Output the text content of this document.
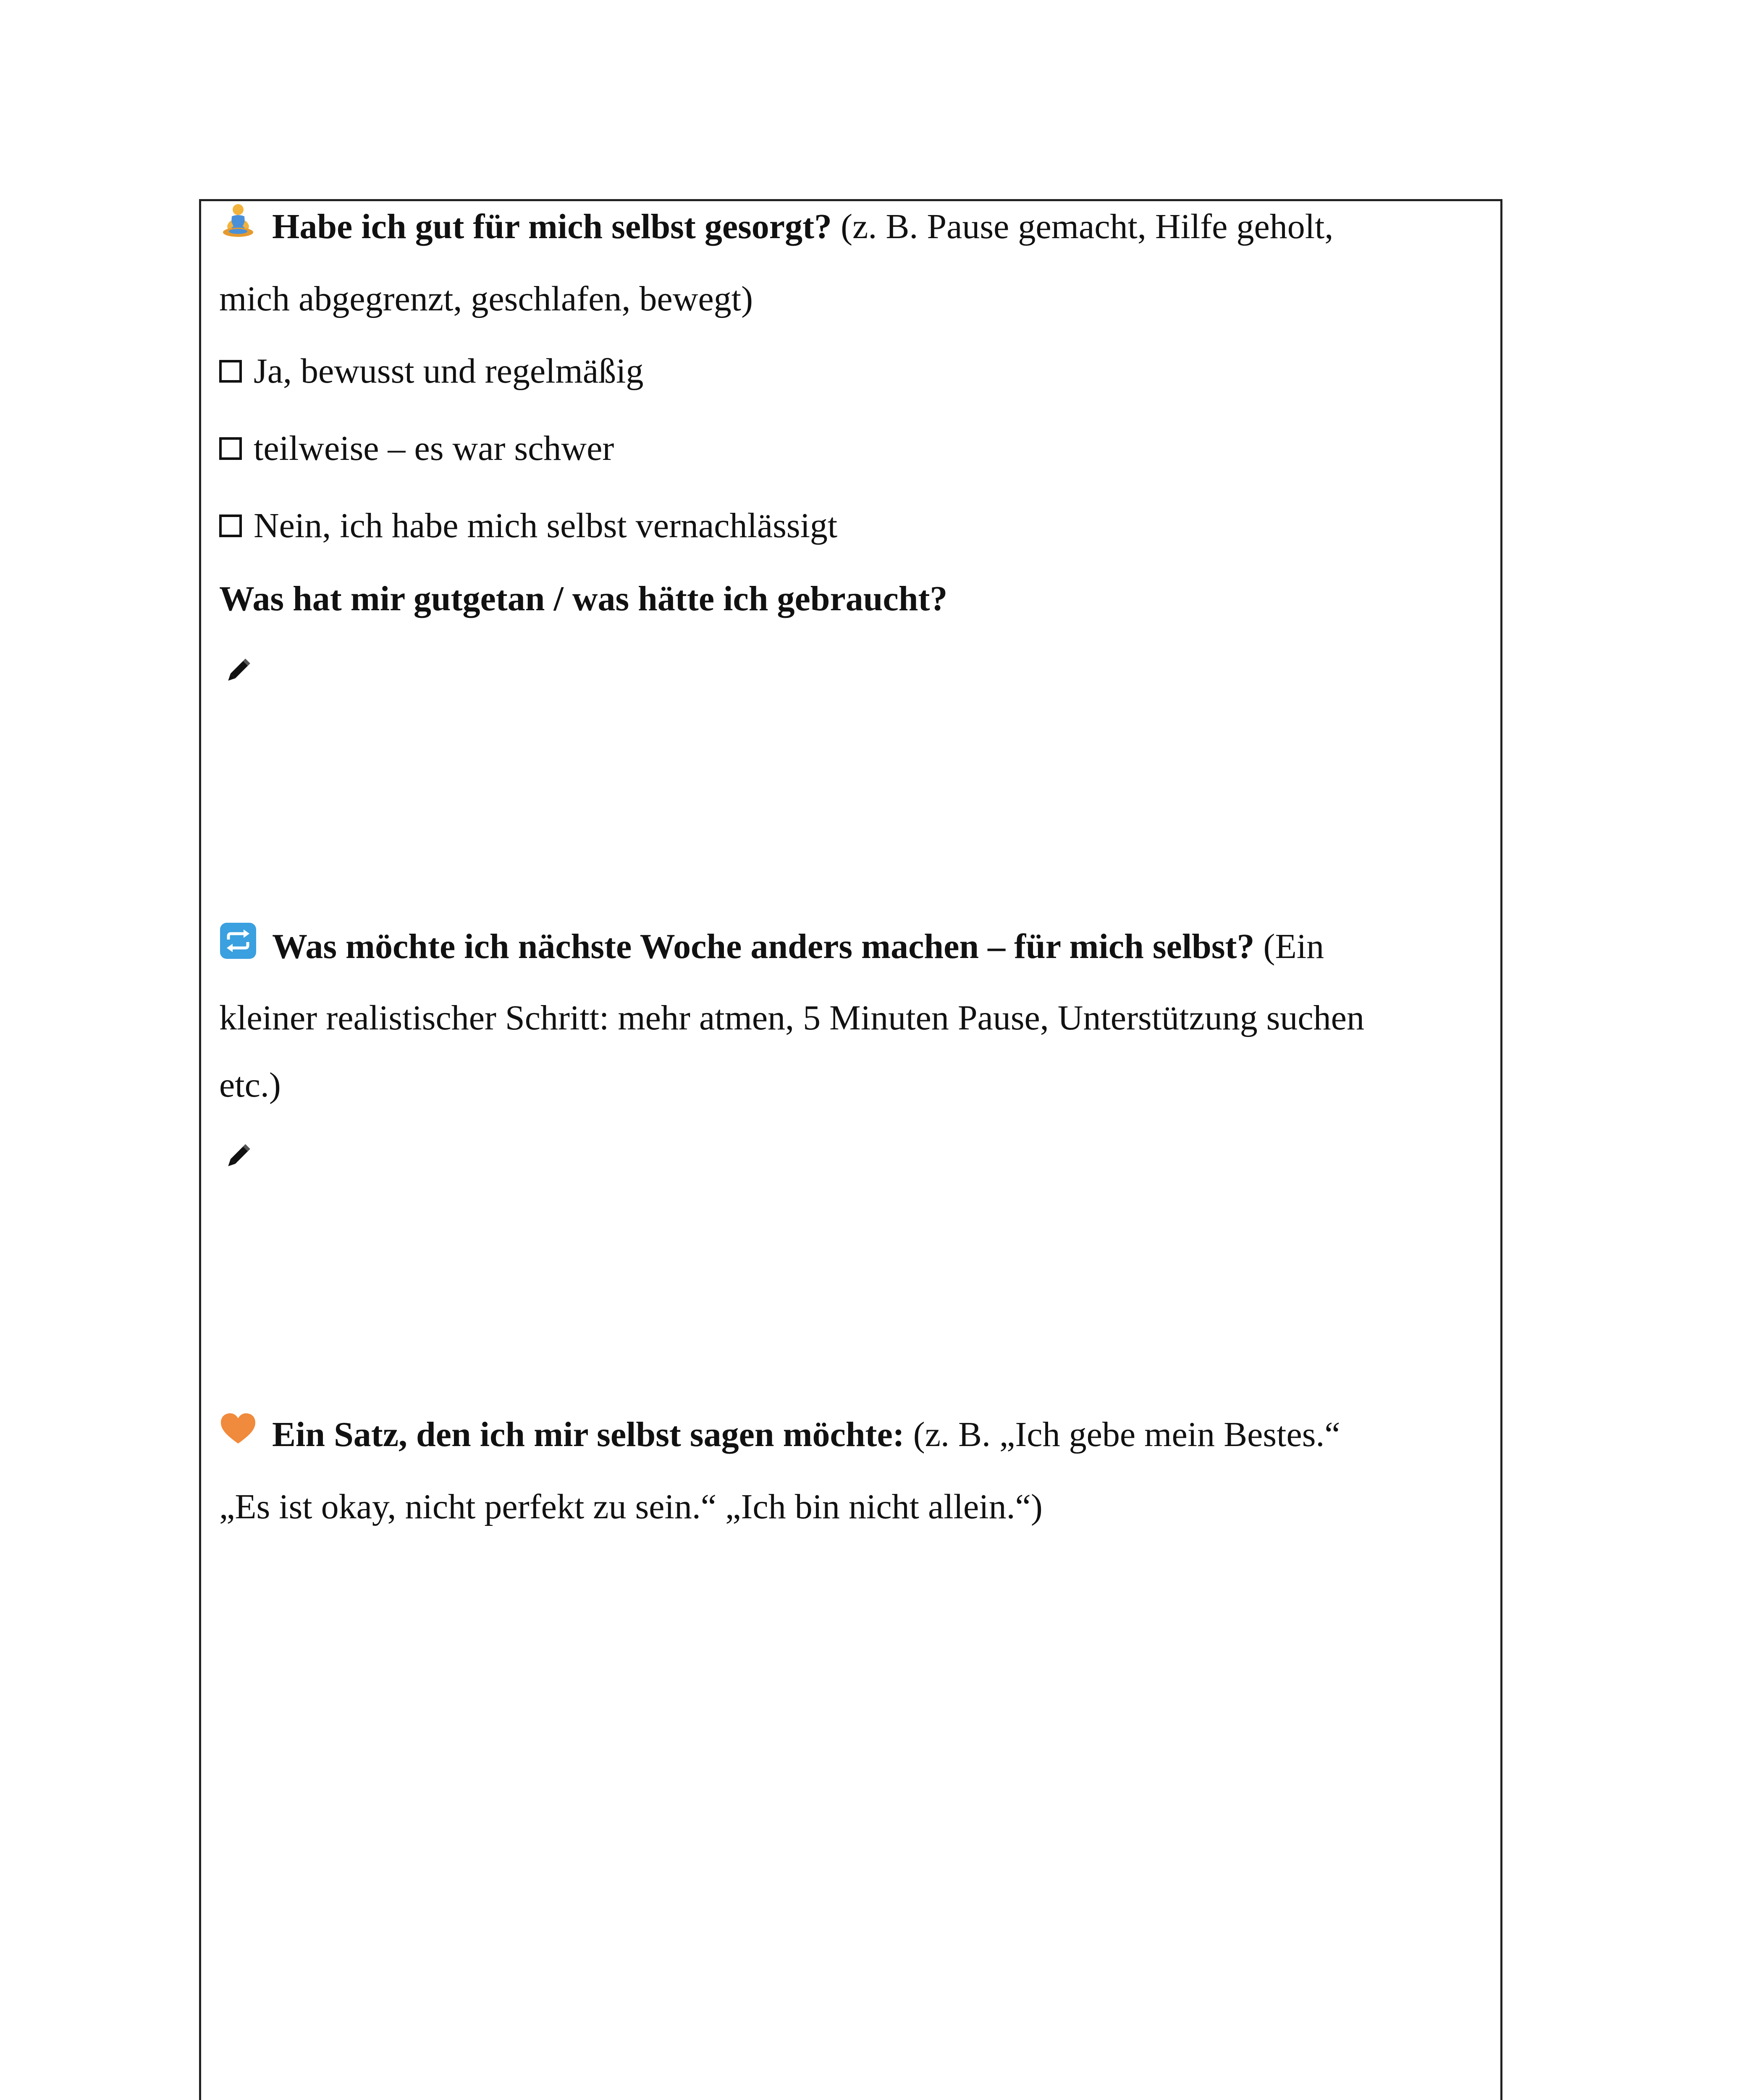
Habe ich gut für mich selbst gesorgt? (z. B. Pause gemacht, Hilfe geholt,
mich abgegrenzt, geschlafen, bewegt)
Ja, bewusst und regelmäßig
teilweise – es war schwer
Nein, ich habe mich selbst vernachlässigt
Was hat mir gutgetan / was hätte ich gebraucht?
Was möchte ich nächste Woche anders machen – für mich selbst? (Ein
kleiner realistischer Schritt: mehr atmen, 5 Minuten Pause, Unterstützung suchen
etc.)
Ein Satz, den ich mir selbst sagen möchte: (z. B. „Ich gebe mein Bestes.“
„Es ist okay, nicht perfekt zu sein.“ „Ich bin nicht allein.“)
